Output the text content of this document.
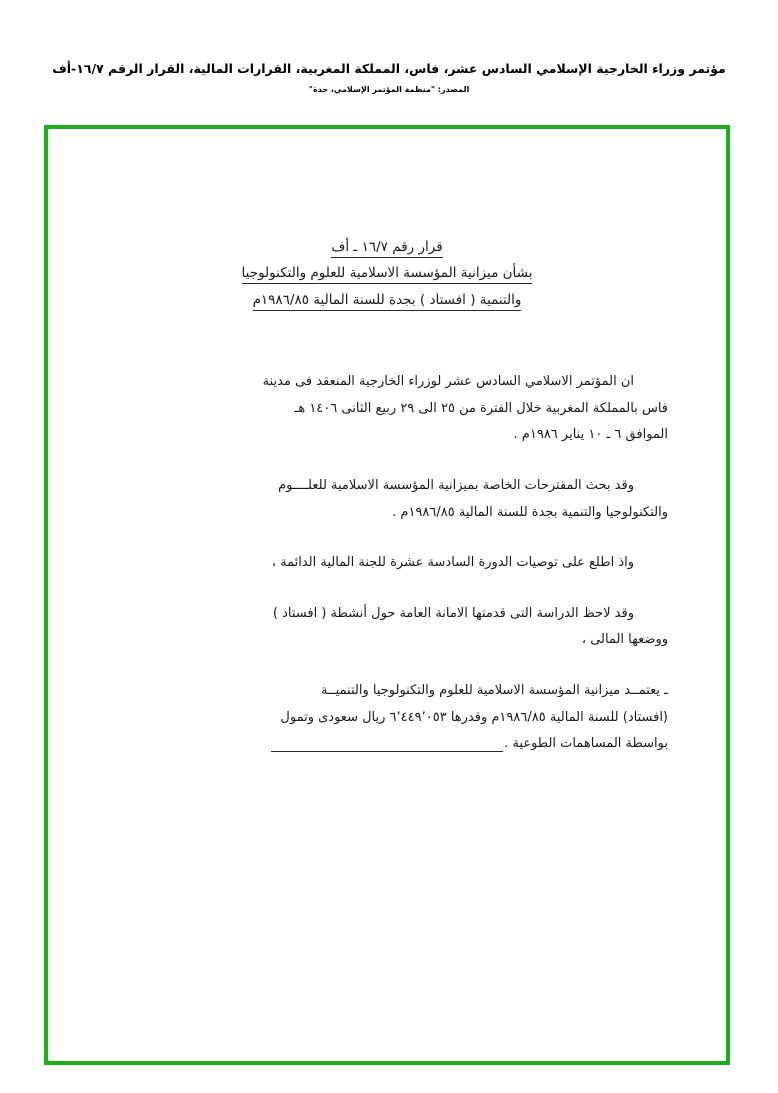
مؤتمر وزراء الخارجية الإسلامي السادس عشر، فاس، المملكة المغربية، القرارات المالية، القرار الرقم ١٦/٧-أف
المصدر: "منظمة المؤتمر الإسلامي، جدة"
قرار رقم ١٦/٧ ـ أف
بشأن ميزانية المؤسسة الاسلامية للعلوم والتكنولوجيا
والتنمية ( افستاد ) بجدة للسنة المالية ١٩٨٦/٨٥م
ان المؤتمر الاسلامي السادس عشر لوزراء الخارجية المنعقد فى مدينة
فاس بالمملكة المغربية خلال الفترة من ٢٥ الى ٢٩ ربيع الثانى ١٤٠٦ هـ
الموافق ٦ ـ ١٠ يناير ١٩٨٦م .
وقد بحث المقترحات الخاصة بميزانية المؤسسة الاسلامية للعلــــوم
والتكنولوجيا والتنمية بجدة للسنة المالية ١٩٨٦/٨٥م .
واذ اطلع على توصيات الدورة السادسة عشرة للجنة المالية الدائمة ،
وقد لاحظ الدراسة التى قدمتها الامانة العامة حول أنشطة ( افستاد )
ووضعها المالى ،
ـ يعتمــد ميزانية المؤسسة الاسلامية للعلوم والتكنولوجيا والتنميــة
(افستاد) للسنة المالية ١٩٨٦/٨٥م وقدرها ٦٬٤٤٩٬٠٥٣ ريال سعودى وتمول
بواسطة المساهمات الطوعية .
